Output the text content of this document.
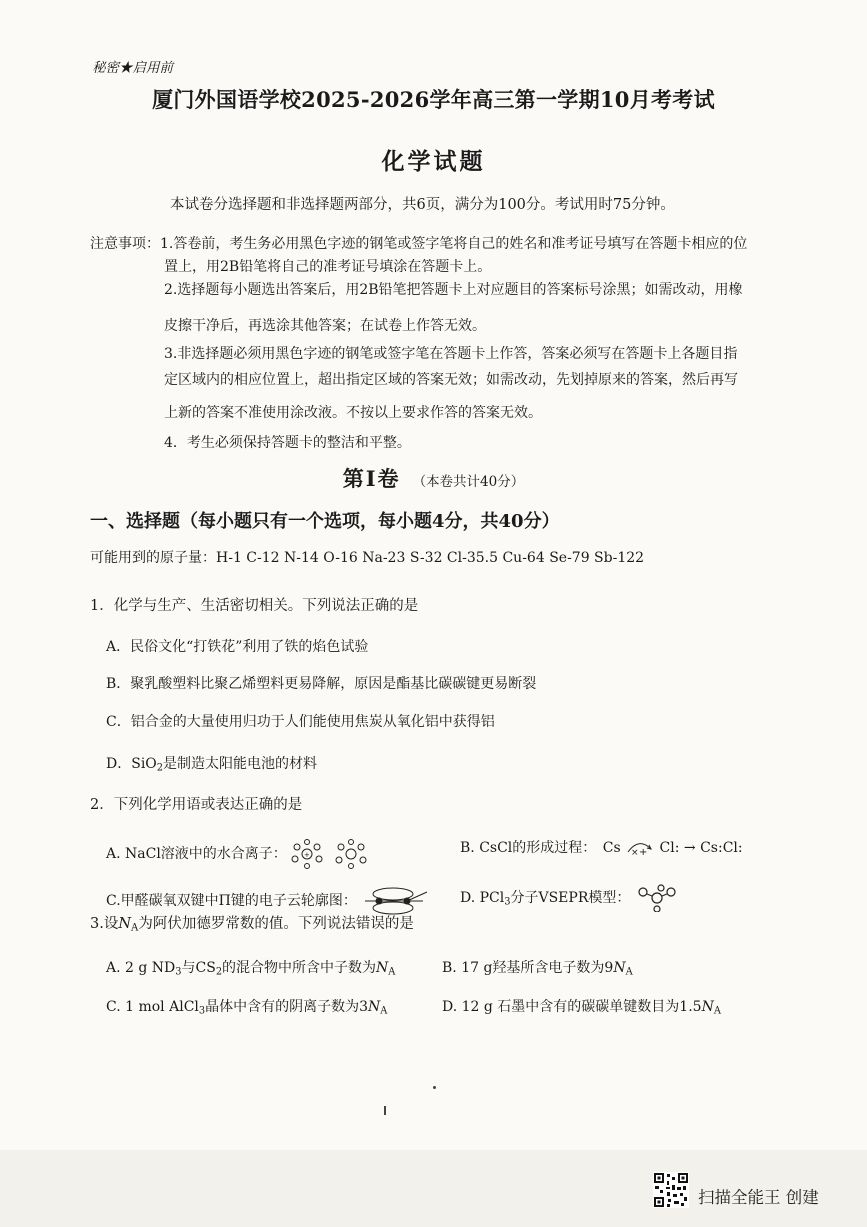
秘密★启用前
厦门外国语学校2025-2026学年高三第一学期10月考考试
化学试题
本试卷分选择题和非选择题两部分，共6页，满分为100分。考试用时75分钟。
注意事项：1.答卷前，考生务必用黑色字迹的钢笔或签字笔将自己的姓名和准考证号填写在答题卡相应的位
置上，用2B铅笔将自己的准考证号填涂在答题卡上。
2.选择题每小题选出答案后，用2B铅笔把答题卡上对应题目的答案标号涂黑；如需改动，用橡
皮擦干净后，再选涂其他答案；在试卷上作答无效。
3.非选择题必须用黑色字迹的钢笔或签字笔在答题卡上作答，答案必须写在答题卡上各题目指
定区域内的相应位置上，超出指定区域的答案无效；如需改动，先划掉原来的答案，然后再写
上新的答案不准使用涂改液。不按以上要求作答的答案无效。
4．考生必须保持答题卡的整洁和平整。
第Ⅰ卷 （本卷共计40分）
一、选择题（每小题只有一个选项，每小题4分，共40分）
可能用到的原子量：H-1 C-12 N-14 O-16 Na-23 S-32 Cl-35.5 Cu-64 Se-79 Sb-122
1．化学与生产、生活密切相关。下列说法正确的是
A．民俗文化“打铁花”利用了铁的焰色试验
B．聚乳酸塑料比聚乙烯塑料更易降解，原因是酯基比碳碳键更易断裂
C．铝合金的大量使用归功于人们能使用焦炭从氧化铝中获得铝
D．SiO$_2$是制造太阳能电池的材料
2．下列化学用语或表达正确的是
A. NaCl溶液中的水合离子： +	B. CsCl的形成过程： Cs × + Cl: → Cs:Cl:
C.甲醛碳氧双键中Π键的电子云轮廓图：	D. PCl$_3$分子VSEPR模型：
3.设$N_A$为阿伏加德罗常数的值。下列说法错误的是
A. 2 g $ND_3$与$CS_2$的混合物中所含中子数为$N_A$	B. 17 g羟基所含电子数为$9N_A$
C. 1 mol AlCl$_3$晶体中含有的阴离子数为$3N_A$	D. 12 g 石墨中含有的碳碳单键数目为$1.5N_A$
扫描全能王 创建
